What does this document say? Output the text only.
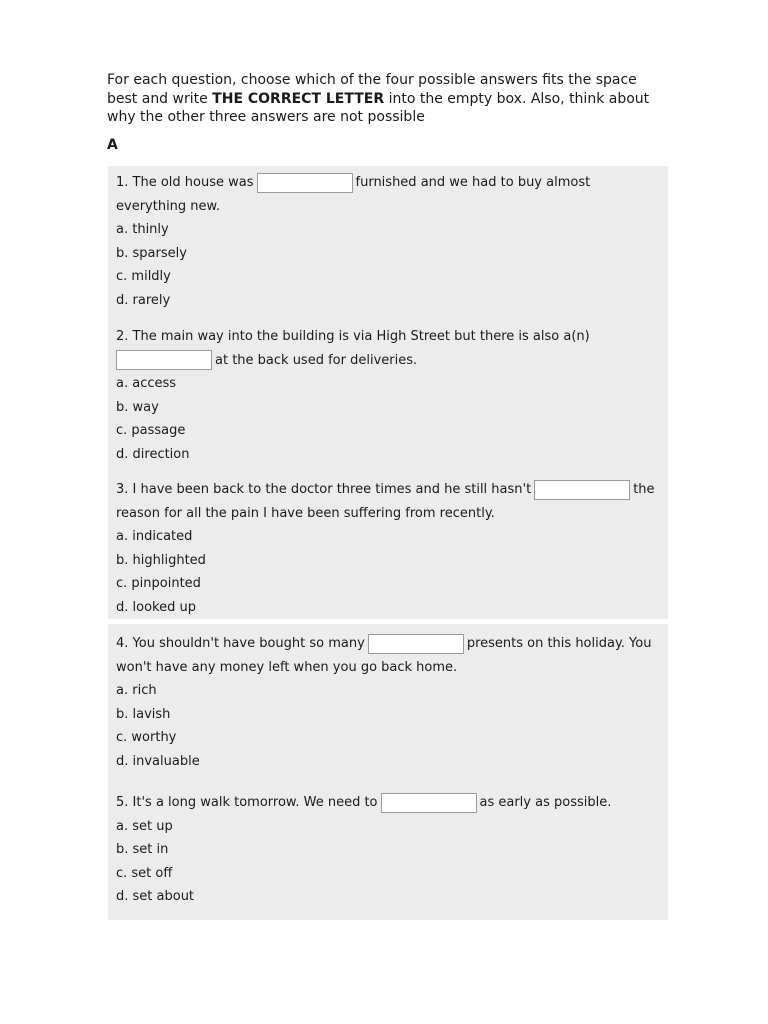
For each question, choose which of the four possible answers fits the space best and write THE CORRECT LETTER into the empty box. Also, think about why the other three answers are not possible
A

1. The old house was	furnished and we had to buy almost everything new.

a. thinly

b. sparsely

c. mildly

d. rarely

2. The main way into the building is via High Street but there is also a(n)
at the back used for deliveries.

a. access

b. way

c. passage

d. direction

3. I have been back to the doctor three times and he still hasn't	the reason for all the pain I have been suffering from recently.

a. indicated

b. highlighted

c. pinpointed

d. looked up

4. You shouldn't have bought so many	presents on this holiday. You won't have any money left when you go back home.

a. rich

b. lavish

c. worthy

d. invaluable

5. It's a long walk tomorrow. We need to	as early as possible.

a. set up

b. set in

c. set off

d. set about
